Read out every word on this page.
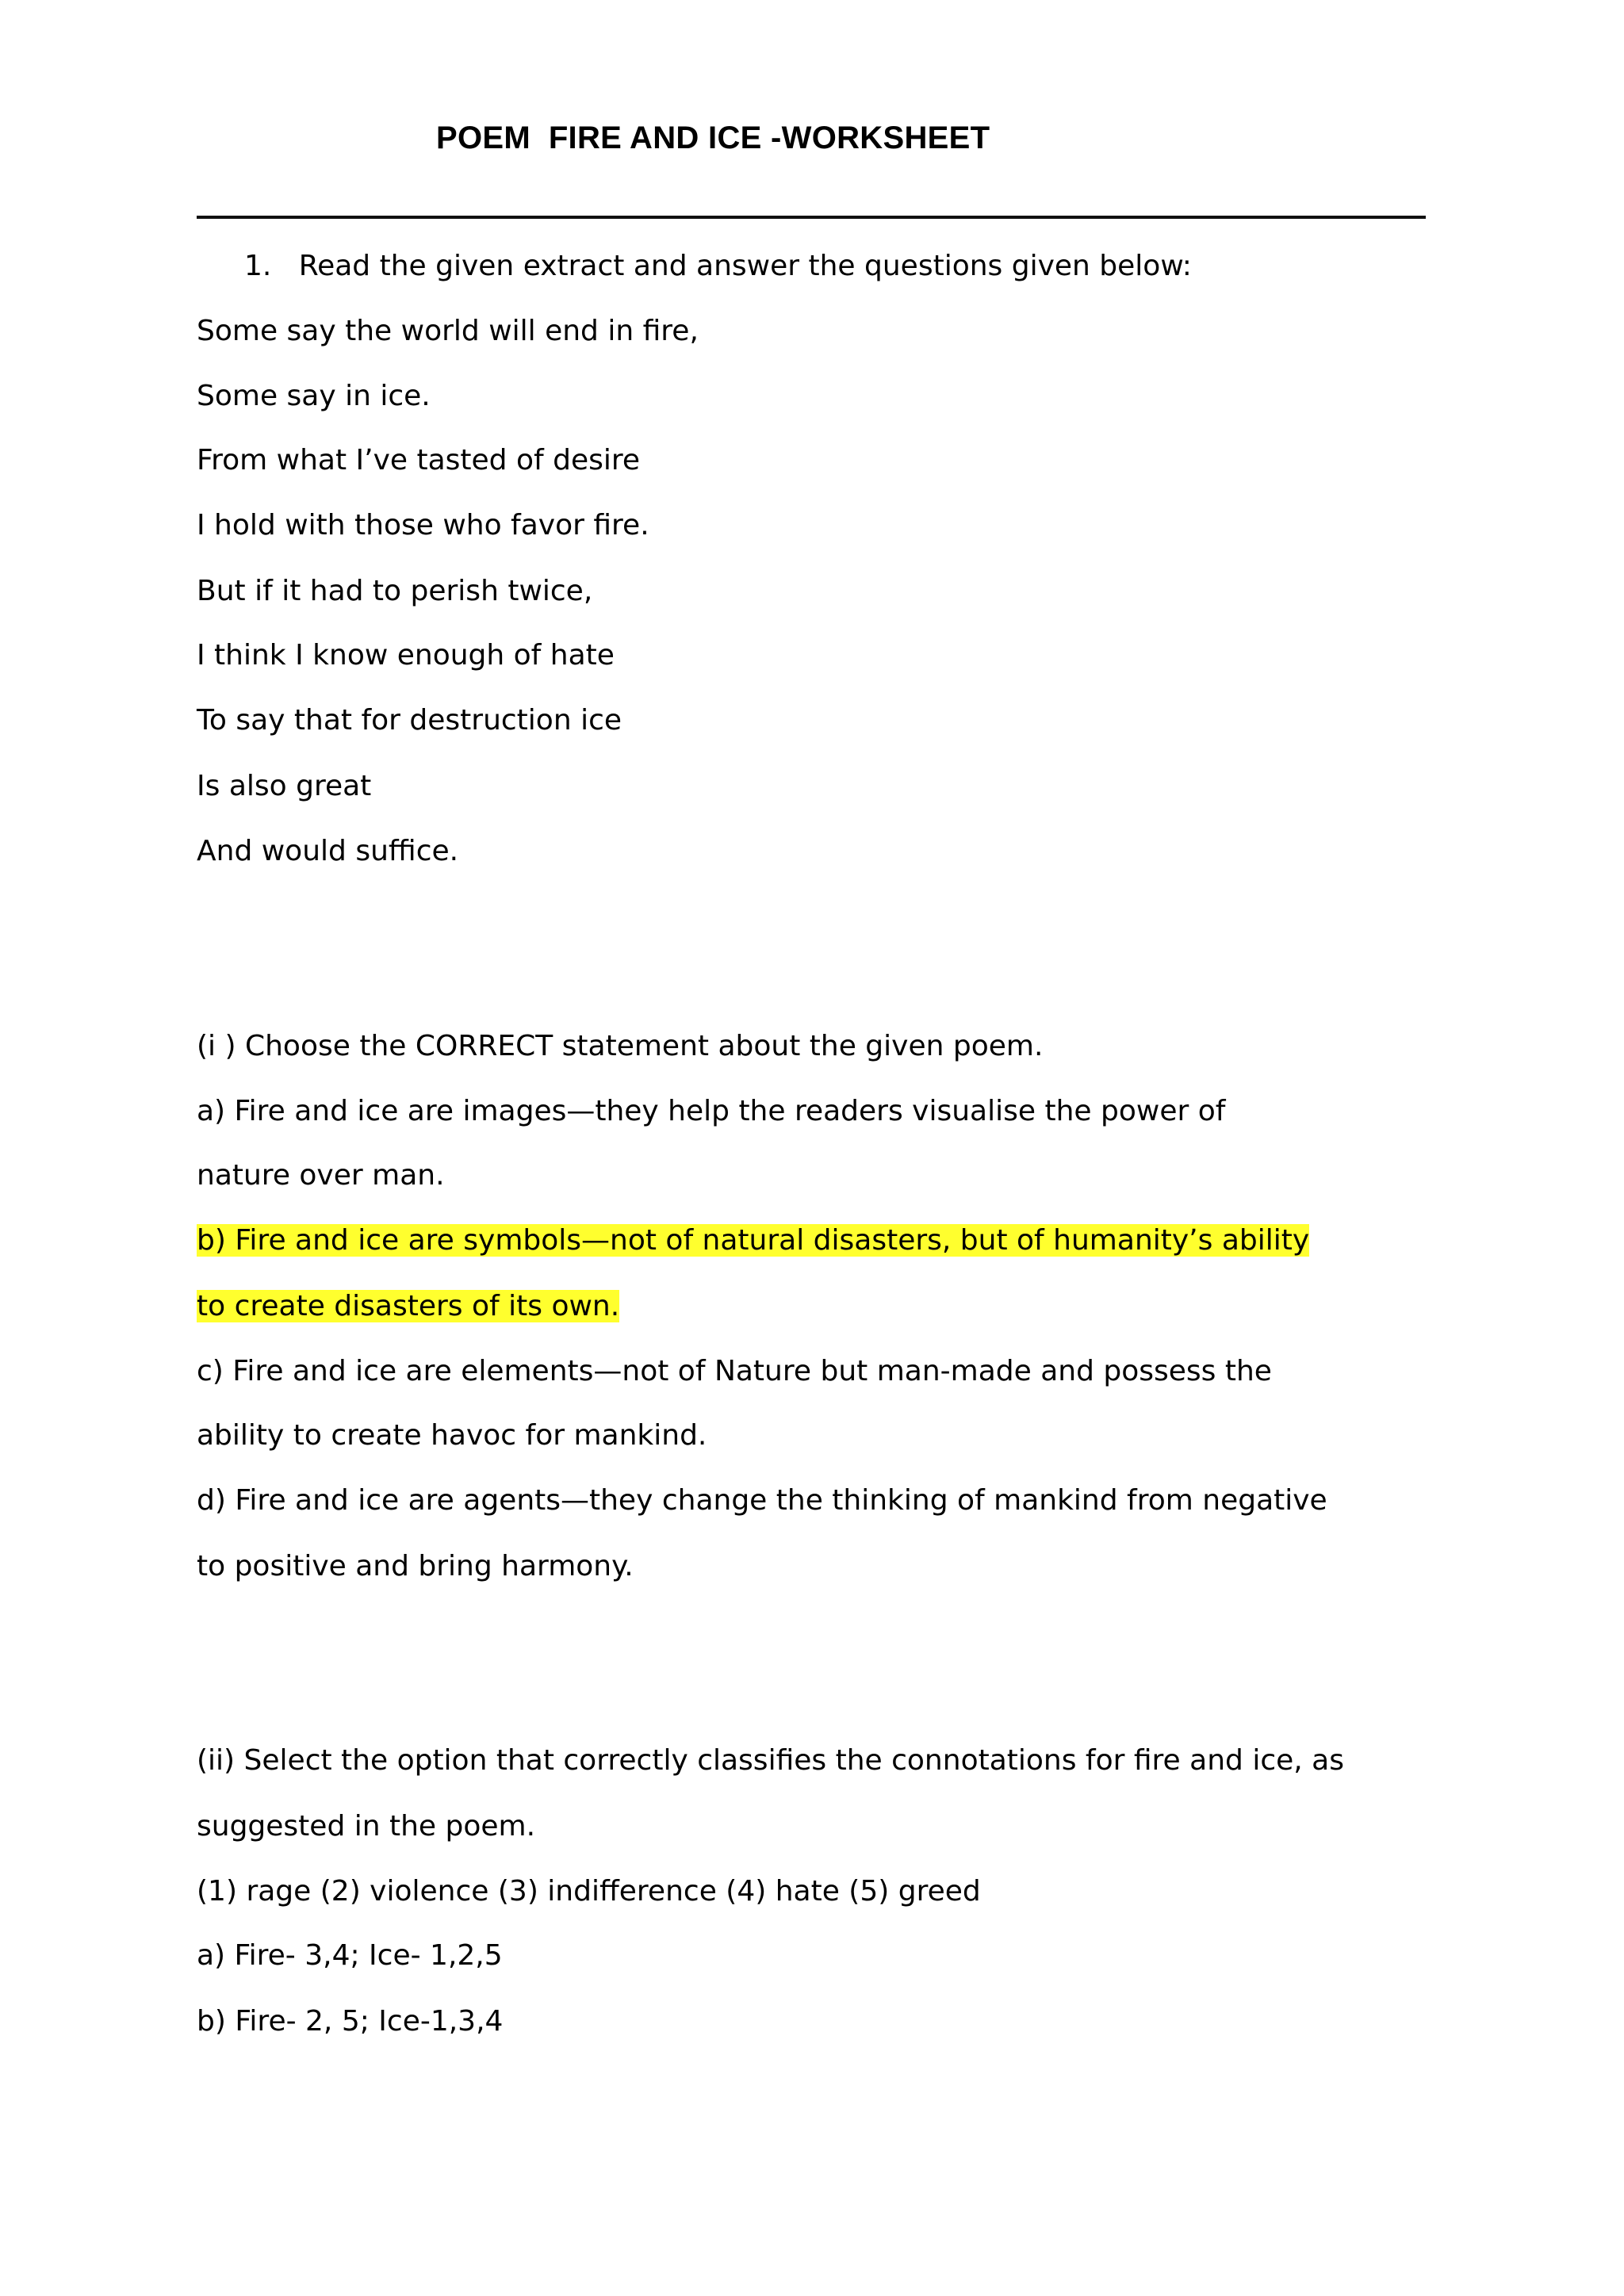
POEM  FIRE AND ICE -WORKSHEET
1. Read the given extract and answer the questions given below:
Some say the world will end in fire,
Some say in ice.
From what I’ve tasted of desire
I hold with those who favor fire.
But if it had to perish twice,
I think I know enough of hate
To say that for destruction ice
Is also great
And would suffice.
(i ) Choose the CORRECT statement about the given poem.
a) Fire and ice are images—they help the readers visualise the power of
nature over man.
b) Fire and ice are symbols—not of natural disasters, but of humanity’s ability
to create disasters of its own.
c) Fire and ice are elements—not of Nature but man-made and possess the
ability to create havoc for mankind.
d) Fire and ice are agents—they change the thinking of mankind from negative
to positive and bring harmony.
(ii) Select the option that correctly classifies the connotations for fire and ice, as
suggested in the poem.
(1) rage (2) violence (3) indifference (4) hate (5) greed
a) Fire- 3,4; Ice- 1,2,5
b) Fire- 2, 5; Ice-1,3,4
